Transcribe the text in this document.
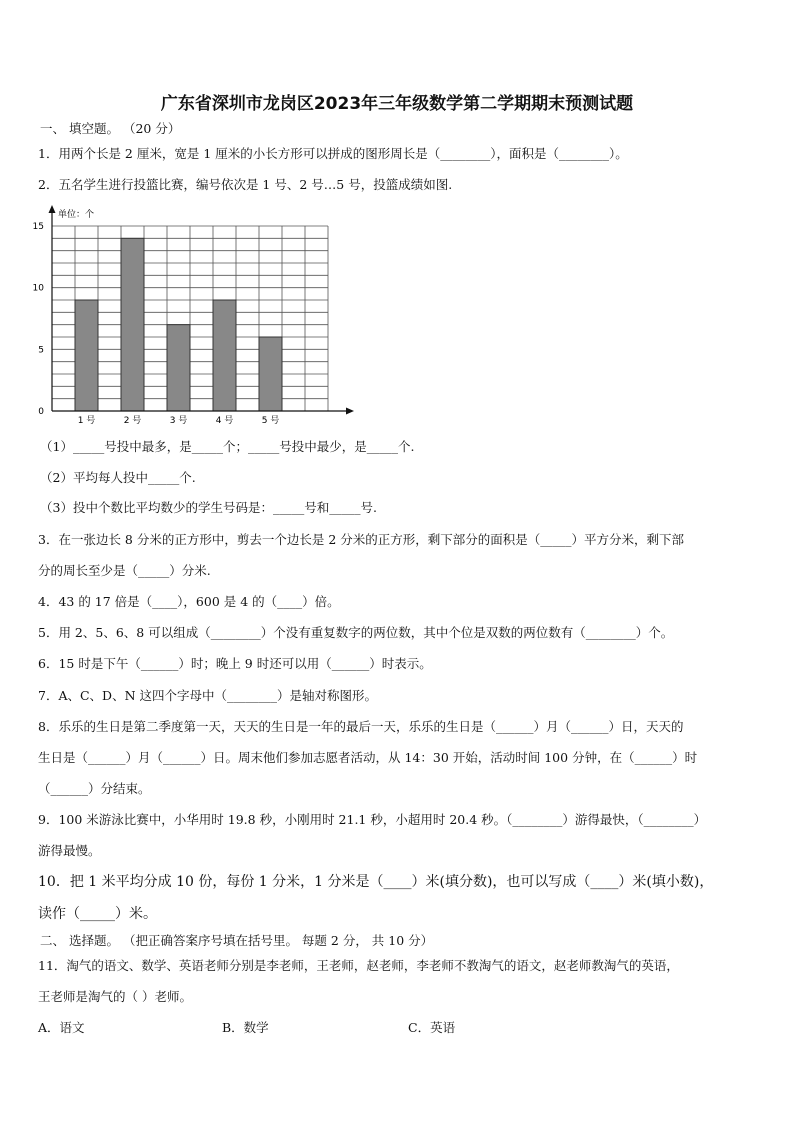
广东省深圳市龙岗区2023年三年级数学第二学期期末预测试题
一、 填空题。 （20 分）
1．用两个长是 2 厘米，宽是 1 厘米的小长方形可以拼成的图形周长是（________），面积是（________）。
2．五名学生进行投篮比赛，编号依次是 1 号、2 号…5 号，投篮成绩如图.
单位：个
0
5
10
15
1 号	2 号	3 号	4 号	5 号
（1）_____号投中最多，是_____个；_____号投中最少，是_____个.
（2）平均每人投中_____个.
（3）投中个数比平均数少的学生号码是：_____号和_____号.
3．在一张边长 8 分米的正方形中，剪去一个边长是 2 分米的正方形，剩下部分的面积是（_____）平方分米，剩下部
分的周长至少是（_____）分米.
4．43 的 17 倍是（____），600 是 4 的（____）倍。
5．用 2、5、6、8 可以组成（________）个没有重复数字的两位数，其中个位是双数的两位数有（________）个。
6．15 时是下午（______）时；晚上 9 时还可以用（______）时表示。
7．A、C、D、N 这四个字母中（________）是轴对称图形。
8．乐乐的生日是第二季度第一天，天天的生日是一年的最后一天，乐乐的生日是（______）月（______）日，天天的
生日是（______）月（______）日。周末他们参加志愿者活动，从 14：30 开始，活动时间 100 分钟，在（______）时
（______）分结束。
9．100 米游泳比赛中，小华用时 19.8 秒，小刚用时 21.1 秒，小超用时 20.4 秒。（________）游得最快，（________）
游得最慢。
10．把 1 米平均分成 10 份，每份 1 分米，1 分米是（____）米(填分数)，也可以写成（____）米(填小数)，
读作（_____）米。
二、 选择题。 （把正确答案序号填在括号里。 每题 2 分， 共 10 分）
11．淘气的语文、数学、英语老师分别是李老师，王老师，赵老师，李老师不教淘气的语文，赵老师教淘气的英语，
王老师是淘气的（ ）老师。
A．语文	B．数学	C．英语
